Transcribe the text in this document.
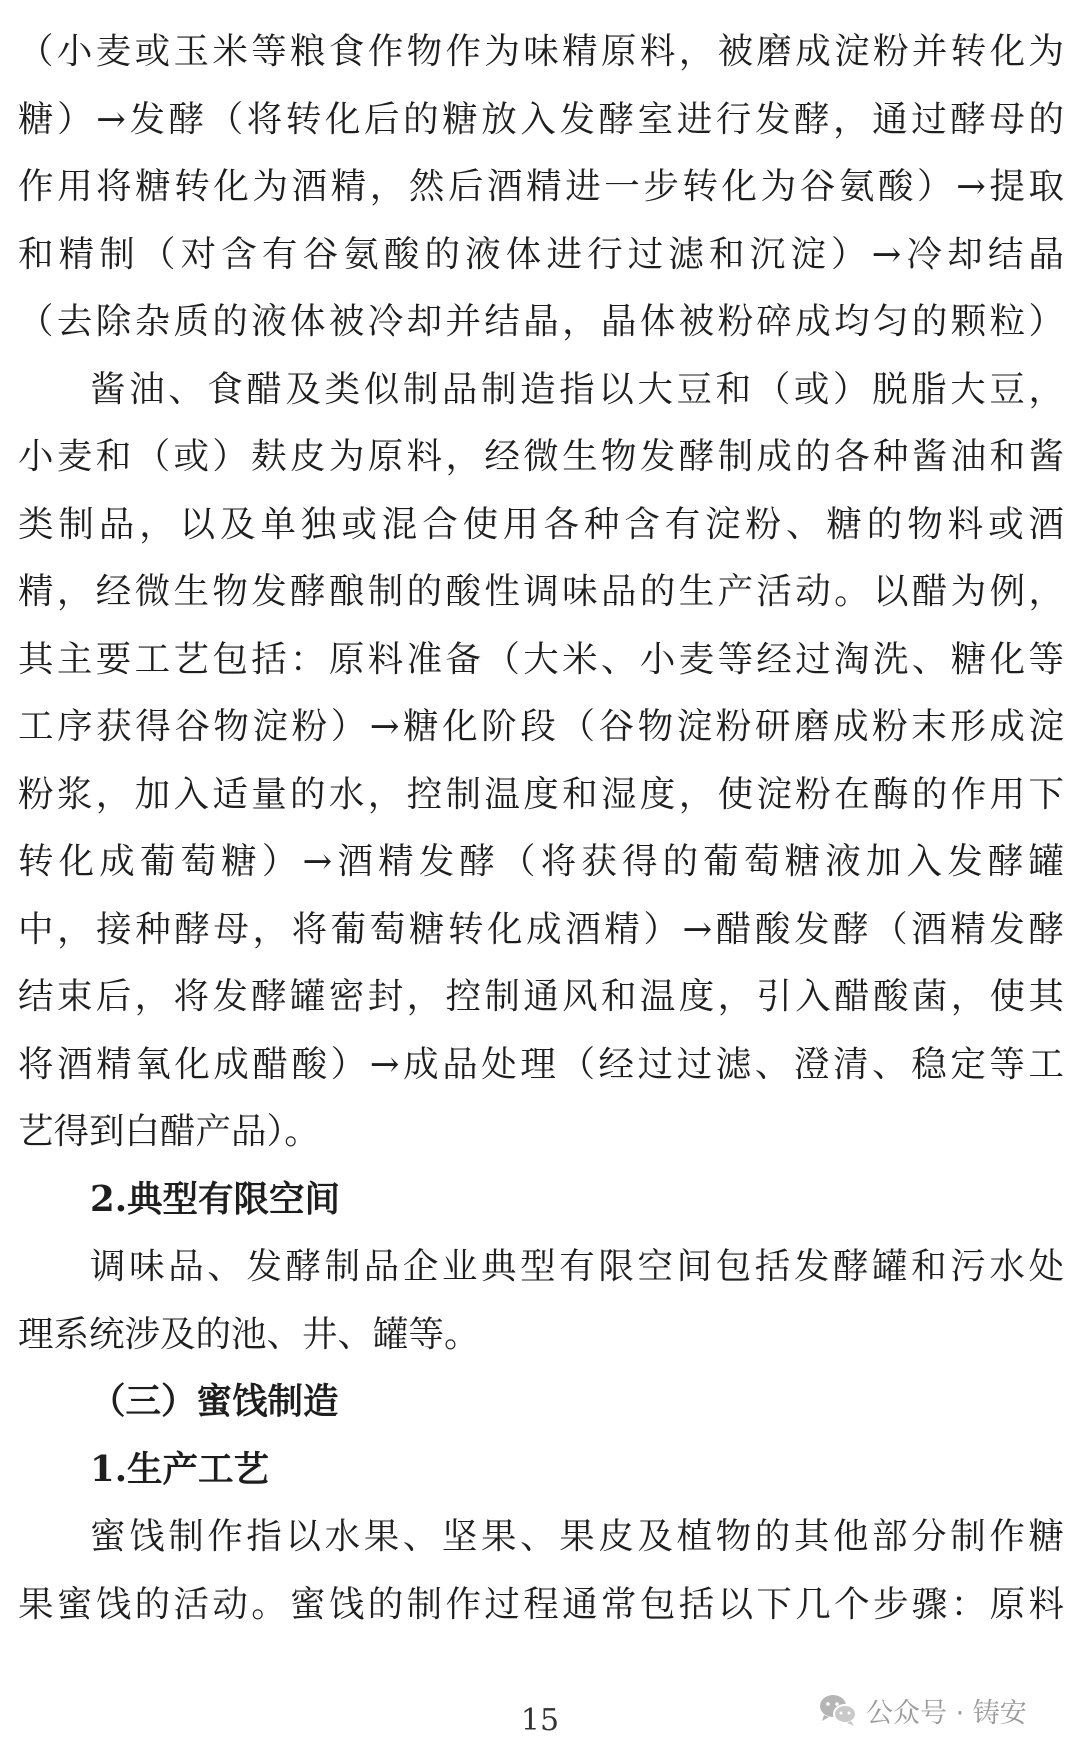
（小麦或玉米等粮食作物作为味精原料，被磨成淀粉并转化为
糖）→发酵（将转化后的糖放入发酵室进行发酵，通过酵母的
作用将糖转化为酒精，然后酒精进一步转化为谷氨酸）→提取
和精制（对含有谷氨酸的液体进行过滤和沉淀）→冷却结晶
（去除杂质的液体被冷却并结晶，晶体被粉碎成均匀的颗粒）
酱油、食醋及类似制品制造指以大豆和（或）脱脂大豆，
小麦和（或）麸皮为原料，经微生物发酵制成的各种酱油和酱
类制品，以及单独或混合使用各种含有淀粉、糖的物料或酒
精，经微生物发酵酿制的酸性调味品的生产活动。以醋为例，
其主要工艺包括：原料准备（大米、小麦等经过淘洗、糖化等
工序获得谷物淀粉）→糖化阶段（谷物淀粉研磨成粉末形成淀
粉浆，加入适量的水，控制温度和湿度，使淀粉在酶的作用下
转化成葡萄糖）→酒精发酵（将获得的葡萄糖液加入发酵罐
中，接种酵母，将葡萄糖转化成酒精）→醋酸发酵（酒精发酵
结束后，将发酵罐密封，控制通风和温度，引入醋酸菌，使其
将酒精氧化成醋酸）→成品处理（经过过滤、澄清、稳定等工
艺得到白醋产品）。
2.典型有限空间
调味品、发酵制品企业典型有限空间包括发酵罐和污水处
理系统涉及的池、井、罐等。
（三）蜜饯制造
1.生产工艺
蜜饯制作指以水果、坚果、果皮及植物的其他部分制作糖
果蜜饯的活动。蜜饯的制作过程通常包括以下几个步骤：原料
公众号 · 铸安
15
